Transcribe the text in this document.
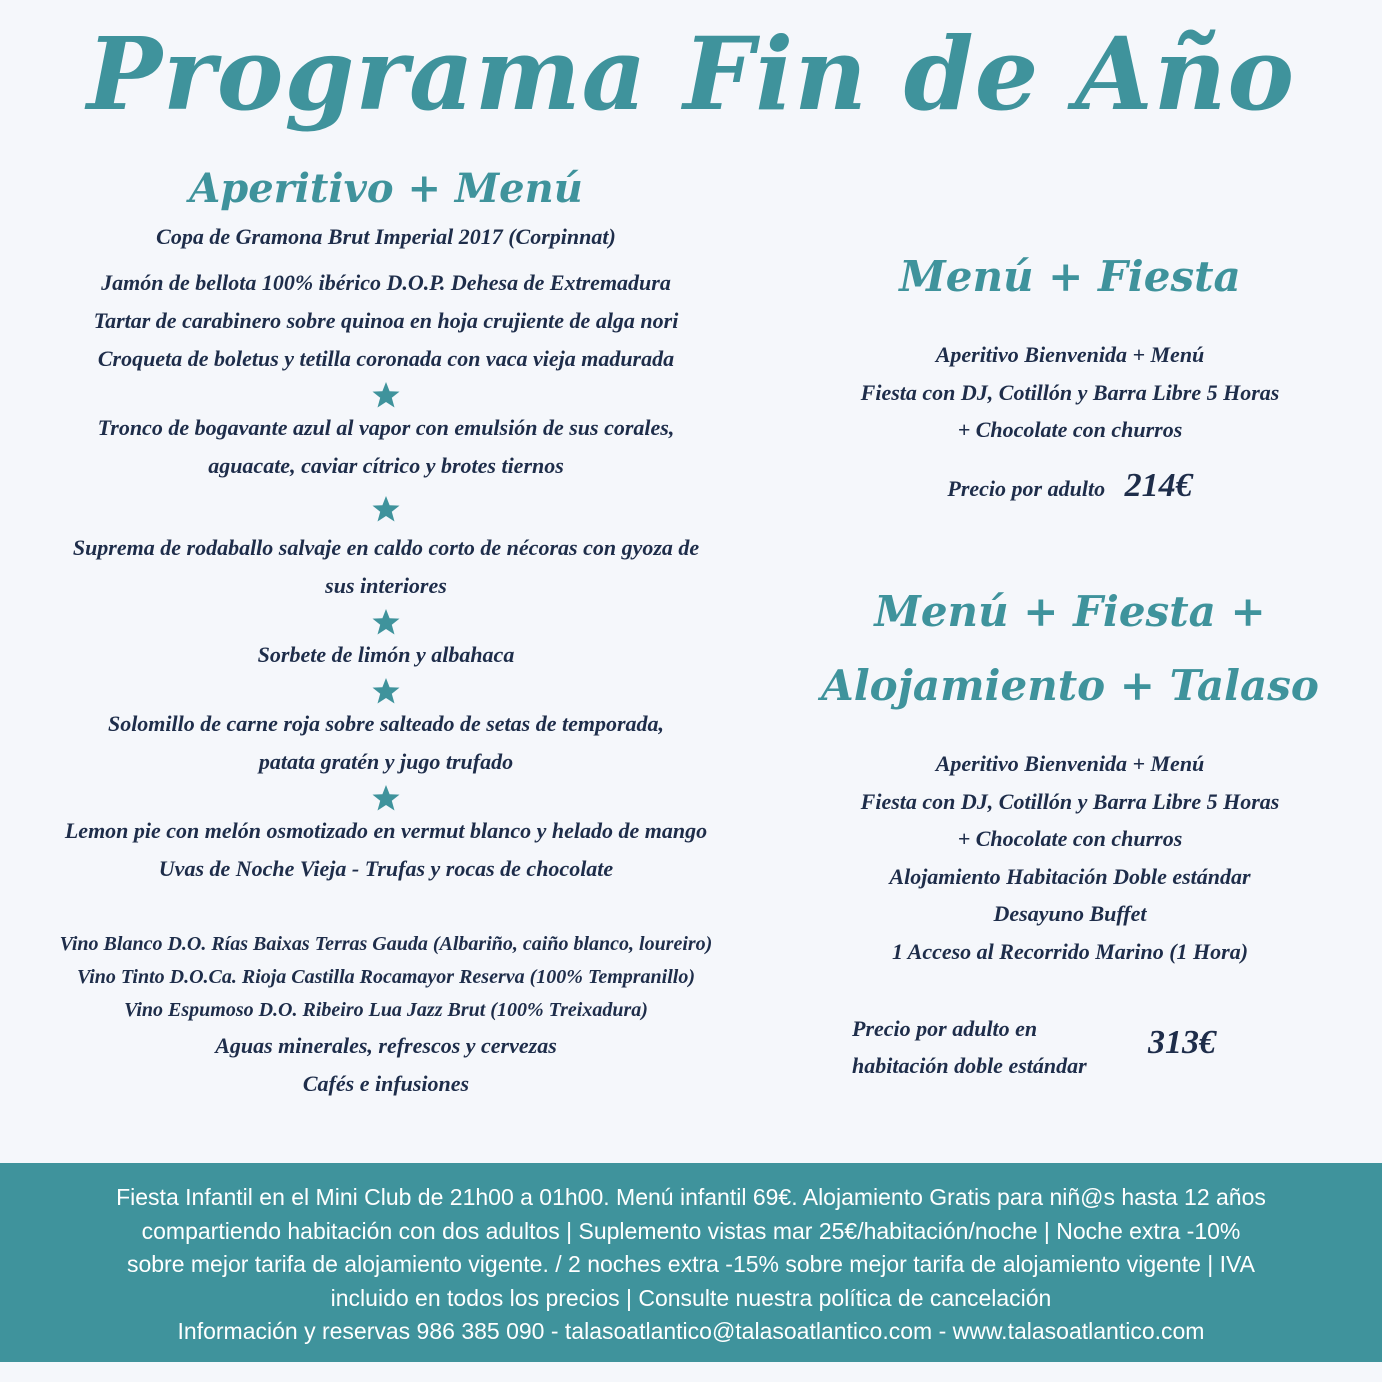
Programa Fin de Año
Aperitivo + Menú
Copa de Gramona Brut Imperial 2017 (Corpinnat)
Jamón de bellota 100% ibérico D.O.P. Dehesa de Extremadura
Tartar de carabinero sobre quinoa en hoja crujiente de alga nori
Croqueta de boletus y tetilla coronada con vaca vieja madurada
Tronco de bogavante azul al vapor con emulsión de sus corales,
aguacate, caviar cítrico y brotes tiernos
Suprema de rodaballo salvaje en caldo corto de nécoras con gyoza de
sus interiores
Sorbete de limón y albahaca
Solomillo de carne roja sobre salteado de setas de temporada,
patata gratén y jugo trufado
Lemon pie con melón osmotizado en vermut blanco y helado de mango
Uvas de Noche Vieja - Trufas y rocas de chocolate
Vino Blanco D.O. Rías Baixas Terras Gauda (Albariño, caiño blanco, loureiro)
Vino Tinto D.O.Ca. Rioja Castilla Rocamayor Reserva (100% Tempranillo)
Vino Espumoso D.O. Ribeiro Lua Jazz Brut (100% Treixadura)
Aguas minerales, refrescos y cervezas
Cafés e infusiones
Menú + Fiesta
Aperitivo Bienvenida + Menú
Fiesta con DJ, Cotillón y Barra Libre 5 Horas
+ Chocolate con churros
Precio por adulto 214€
Menú + Fiesta +
Alojamiento + Talaso
Aperitivo Bienvenida + Menú
Fiesta con DJ, Cotillón y Barra Libre 5 Horas
+ Chocolate con churros
Alojamiento Habitación Doble estándar
Desayuno Buffet
1 Acceso al Recorrido Marino (1 Hora)
Precio por adulto en
habitación doble estándar
313€
Fiesta Infantil en el Mini Club de 21h00 a 01h00. Menú infantil 69€. Alojamiento Gratis para niñ@s hasta 12 años
compartiendo habitación con dos adultos | Suplemento vistas mar 25€/habitación/noche | Noche extra -10%
sobre mejor tarifa de alojamiento vigente. / 2 noches extra -15% sobre mejor tarifa de alojamiento vigente | IVA
incluido en todos los precios | Consulte nuestra política de cancelación
Información y reservas 986 385 090 - talasoatlantico@talasoatlantico.com - www.talasoatlantico.com
